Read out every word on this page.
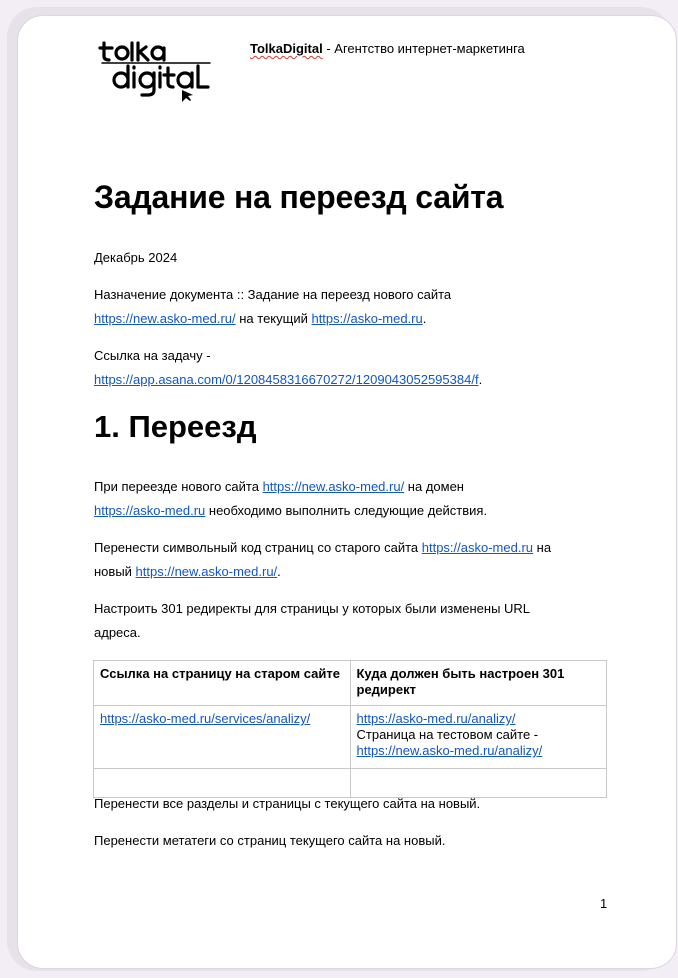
TolkaDigital - Агентство интернет-маркетинга
Задание на переезд сайта

Декабрь 2024

Назначение документа :: Задание на переезд нового сайта
https://new.asko-med.ru/ на текущий https://asko-med.ru.

Ссылка на задачу -
https://app.asana.com/0/1208458316670272/1209043052595384/f.

1. Переезд

При переезде нового сайта https://new.asko-med.ru/ на домен
https://asko-med.ru необходимо выполнить следующие действия.

Перенести символьный код страниц со старого сайта https://asko-med.ru на
новый https://new.asko-med.ru/.

Настроить 301 редиректы для страницы у которых были изменены URL
адреса.

Ссылка на страницу на старом сайте	Куда должен быть настроен 301 редирект
https://asko-med.ru/services/analizy/	https://asko-med.ru/analizy/
Страница на тестовом сайте -
https://new.asko-med.ru/analizy/

Перенести все разделы и страницы с текущего сайта на новый.

Перенести метатеги со страниц текущего сайта на новый.

1
